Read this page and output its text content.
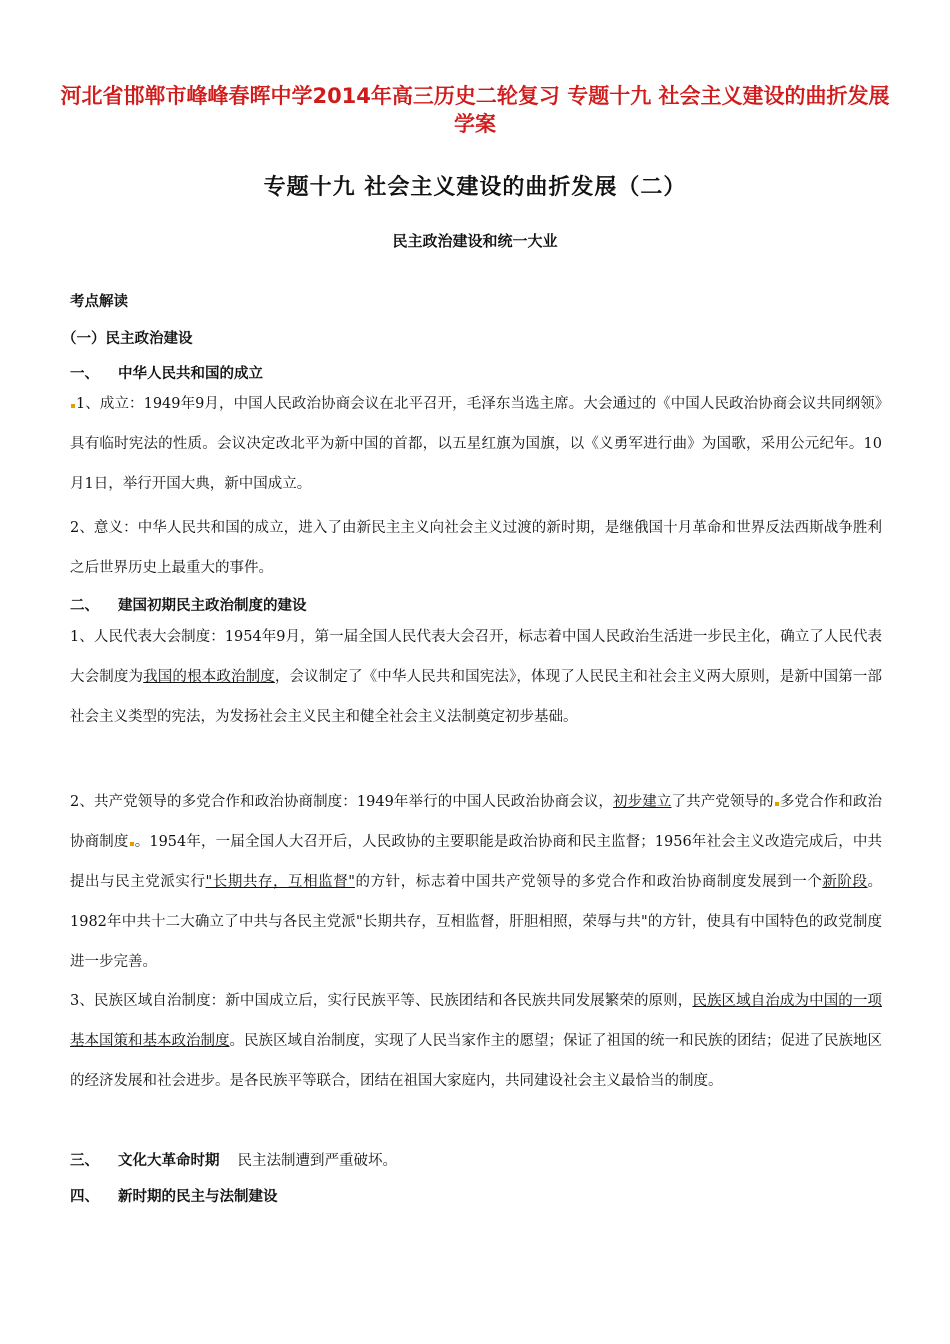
河北省邯郸市峰峰春晖中学2014年高三历史二轮复习 专题十九 社会主义建设的曲折发展学案
专题十九 社会主义建设的曲折发展（二）
民主政治建设和统一大业
考点解读
（一）民主政治建设
一、 中华人民共和国的成立
1、成立：1949年9月，中国人民政治协商会议在北平召开，毛泽东当选主席。大会通过的《中国人民政治协商会议共同纲领》具有临时宪法的性质。会议决定改北平为新中国的首都，以五星红旗为国旗，以《义勇军进行曲》为国歌，采用公元纪年。10月1日，举行开国大典，新中国成立。
2、意义：中华人民共和国的成立，进入了由新民主主义向社会主义过渡的新时期，是继俄国十月革命和世界反法西斯战争胜利之后世界历史上最重大的事件。
二、 建国初期民主政治制度的建设
1、人民代表大会制度：1954年9月，第一届全国人民代表大会召开，标志着中国人民政治生活进一步民主化，确立了人民代表大会制度为我国的根本政治制度，会议制定了《中华人民共和国宪法》，体现了人民民主和社会主义两大原则，是新中国第一部社会主义类型的宪法，为发扬社会主义民主和健全社会主义法制奠定初步基础。
2、共产党领导的多党合作和政治协商制度：1949年举行的中国人民政治协商会议，初步建立了共产党领导的 多党合作和政治协商制度 。1954年，一届全国人大召开后，人民政协的主要职能是政治协商和民主监督；1956年社会主义改造完成后，中共提出与民主党派实行"长期共存，互相监督"的方针，标志着中国共产党领导的多党合作和政治协商制度发展到一个新阶段。1982年中共十二大确立了中共与各民主党派"长期共存，互相监督，肝胆相照，荣辱与共"的方针，使具有中国特色的政党制度进一步完善。
3、民族区域自治制度：新中国成立后，实行民族平等、民族团结和各民族共同发展繁荣的原则，民族区域自治成为中国的一项基本国策和基本政治制度。民族区域自治制度，实现了人民当家作主的愿望；保证了祖国的统一和民族的团结；促进了民族地区的经济发展和社会进步。是各民族平等联合，团结在祖国大家庭内，共同建设社会主义最恰当的制度。
三、 文化大革命时期 民主法制遭到严重破坏。
四、 新时期的民主与法制建设
